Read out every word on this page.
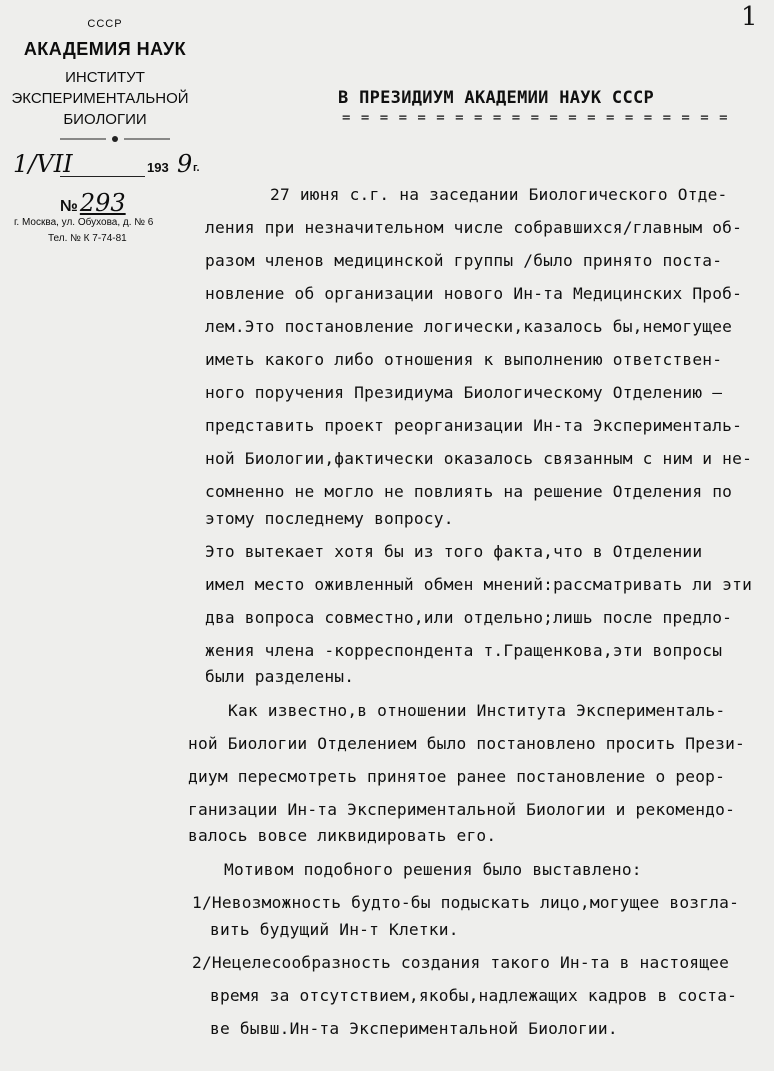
1
СССР
АКАДЕМИЯ НАУК
ИНСТИТУТ
ЭКСПЕРИМЕНТАЛЬНОЙ
БИОЛОГИИ
1/VII	193 9 г.
№293
г. Москва, ул. Обухова, д. № 6
Тел. № К 7-74-81
В ПРЕЗИДИУМ АКАДЕМИИ НАУК СССР
= = = = = = = = = = = = = = = = = = = = =
27 июня с.г. на заседании Биологического Отде-
ления при незначительном числе собравшихся/главным об-
разом членов медицинской группы /было принято поста-
новление об организации нового Ин-та Медицинских Проб-
лем.Это постановление логически,казалось бы,немогущее
иметь какого либо отношения к выполнению ответствен-
ного поручения Президиума Биологическому Отделению —
представить проект реорганизации Ин-та Эксперименталь-
ной Биологии,фактически оказалось связанным с ним и не-
сомненно не могло не повлиять на решение Отделения по
этому последнему вопросу.
Это вытекает хотя бы из того факта,что в Отделении
имел место оживленный обмен мнений:рассматривать ли эти
два вопроса совместно,или отдельно;лишь после предло-
жения члена -корреспондента т.Гращенкова,эти вопросы
были разделены.
Как известно,в отношении Института Эксперименталь-
ной Биологии Отделением было постановлено просить Прези-
диум пересмотреть принятое ранее постановление о реор-
ганизации Ин-та Экспериментальной Биологии и рекомендо-
валось вовсе ликвидировать его.
Мотивом подобного решения было выставлено:
1/Невозможность будто-бы подыскать лицо,могущее возгла-
вить будущий Ин-т Клетки.
2/Нецелесообразность создания такого Ин-та в настоящее
время за отсутствием,якобы,надлежащих кадров в соста-
ве бывш.Ин-та Экспериментальной Биологии.
